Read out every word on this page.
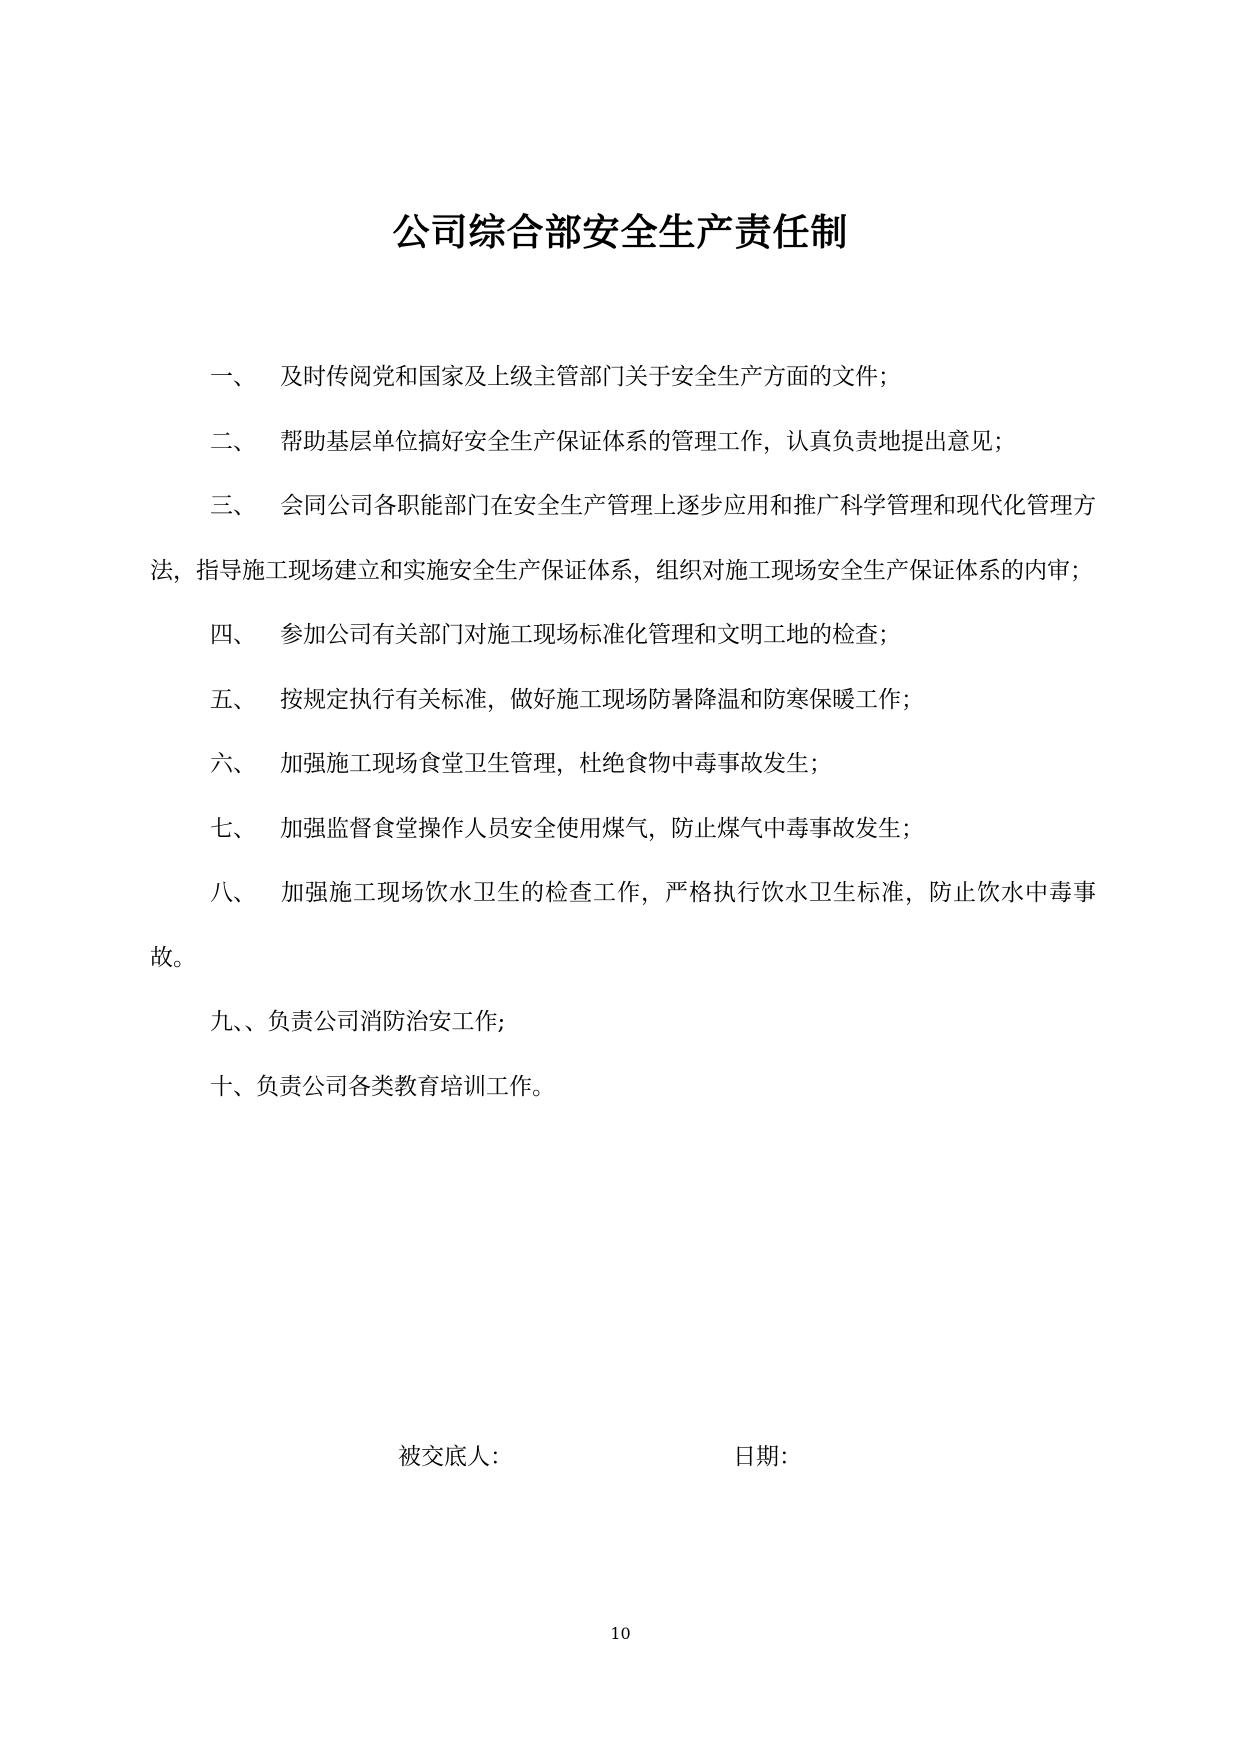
公司综合部安全生产责任制

一、 及时传阅党和国家及上级主管部门关于安全生产方面的文件；

二、 帮助基层单位搞好安全生产保证体系的管理工作，认真负责地提出意见；

三、 会同公司各职能部门在安全生产管理上逐步应用和推广科学管理和现代化管理方法，指导施工现场建立和实施安全生产保证体系，组织对施工现场安全生产保证体系的内审；

四、 参加公司有关部门对施工现场标准化管理和文明工地的检查；

五、 按规定执行有关标准，做好施工现场防暑降温和防寒保暖工作；

六、 加强施工现场食堂卫生管理，杜绝食物中毒事故发生；

七、 加强监督食堂操作人员安全使用煤气，防止煤气中毒事故发生；

八、 加强施工现场饮水卫生的检查工作，严格执行饮水卫生标准，防止饮水中毒事故。

九、、负责公司消防治安工作;

十、负责公司各类教育培训工作。

被交底人：	日期：
10
